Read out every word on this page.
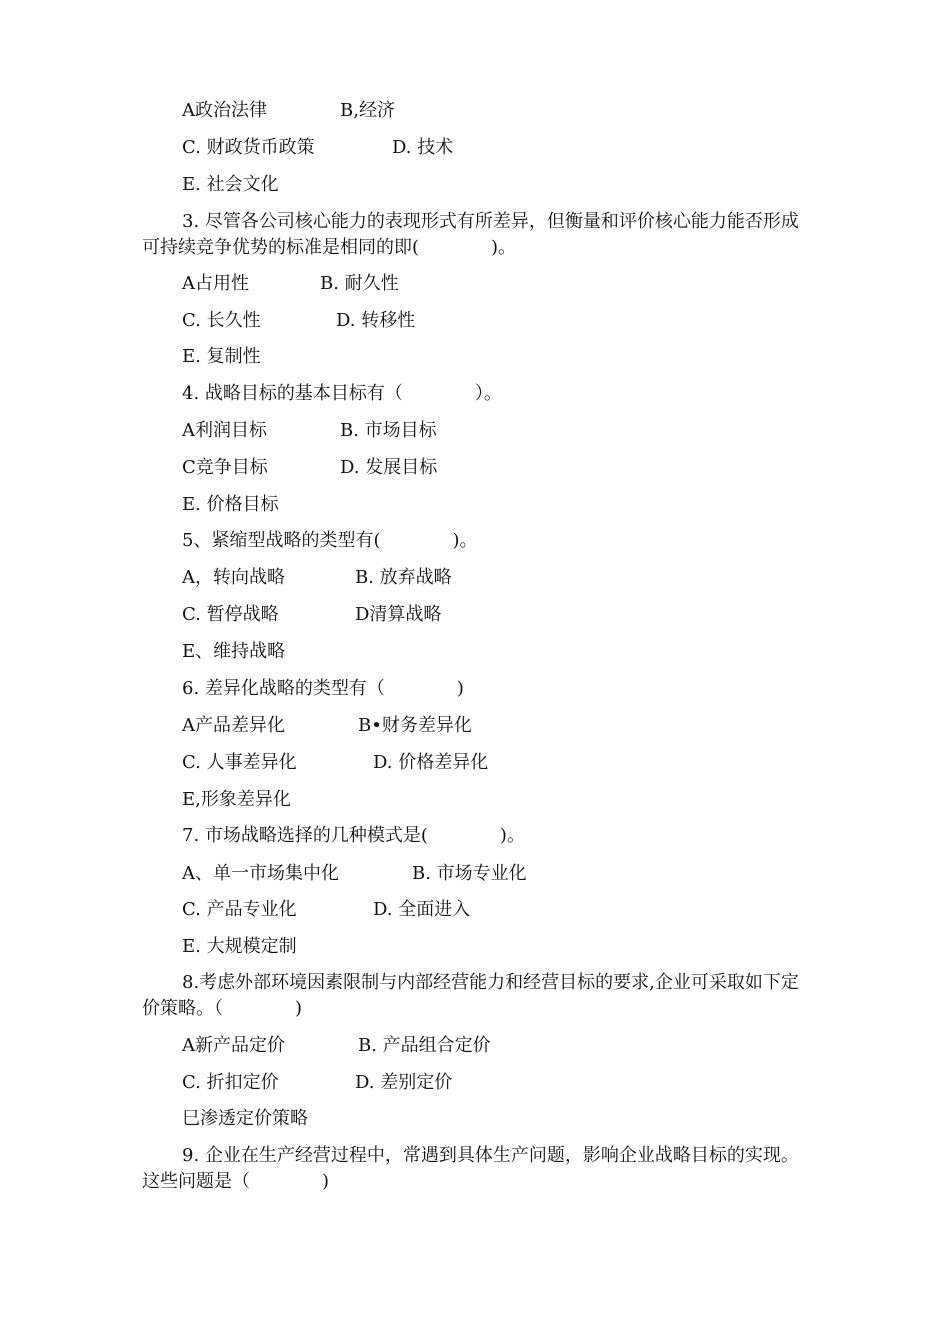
A政治法律	B,经济
C. 财政货币政策	D. 技术
E. 社会文化
3. 尽管各公司核心能力的表现形式有所差异，但衡量和评价核心能力能否形成可持续竞争优势的标准是相同的即(　　　　)。
A占用性	B. 耐久性
C. 长久性	D. 转移性
E. 复制性
4. 战略目标的基本目标有（　　　　）。
A利润目标	B. 市场目标
C竞争目标	D. 发展目标
E. 价格目标
5、紧缩型战略的类型有(　　　　)。
A，转向战略	B. 放弃战略
C. 暂停战略	D清算战略
E、维持战略
6. 差异化战略的类型有（　　　　)
A产品差异化	B•财务差异化
C. 人事差异化	D. 价格差异化
E,形象差异化
7. 市场战略选择的几种模式是(　　　　)。
A、单一市场集中化	B. 市场专业化
C. 产品专业化	D. 全面进入
E. 大规模定制
8.考虑外部环境因素限制与内部经营能力和经营目标的要求,企业可采取如下定价策略。（　　　　)
A新产品定价	B. 产品组合定价
C. 折扣定价	D. 差别定价
巳渗透定价策略
9. 企业在生产经营过程中，常遇到具体生产问题，影响企业战略目标的实现。这些问题是（　　　　)
